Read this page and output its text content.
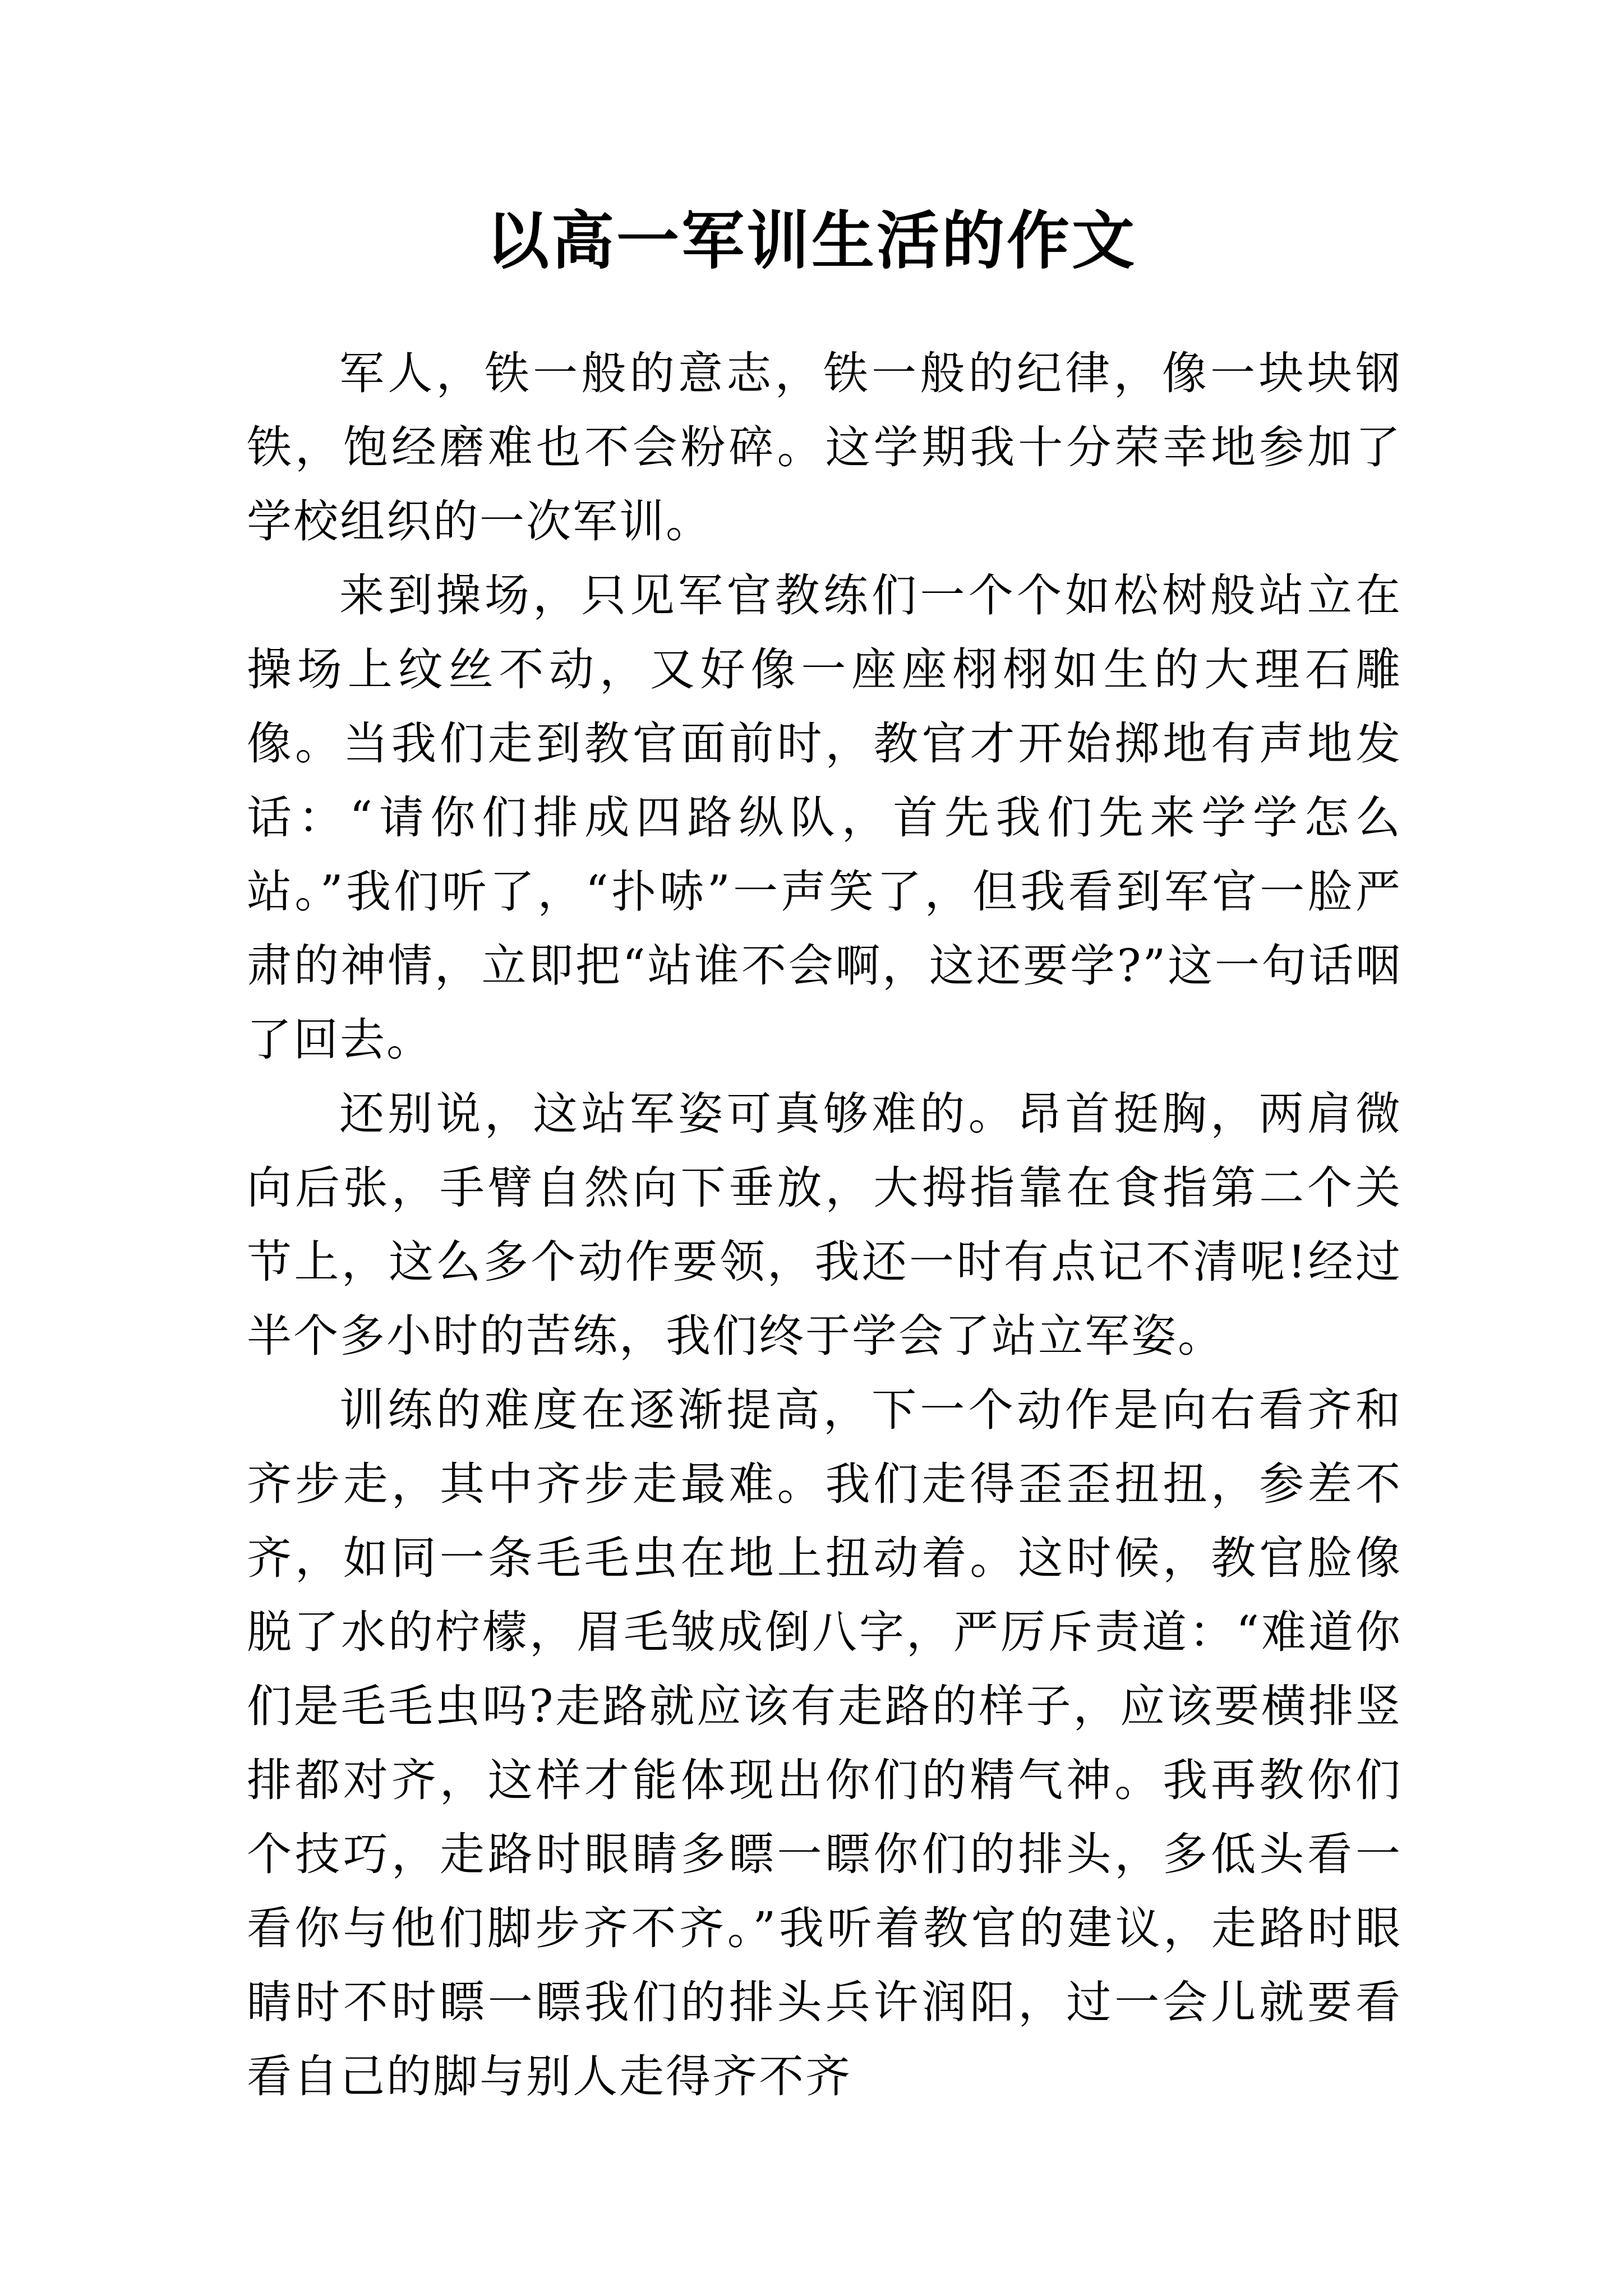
以高一军训生活的作文

军人，铁一般的意志，铁一般的纪律，像一块块钢铁，饱经磨难也不会粉碎。这学期我十分荣幸地参加了学校组织的一次军训。

来到操场，只见军官教练们一个个如松树般站立在操场上纹丝不动，又好像一座座栩栩如生的大理石雕像。当我们走到教官面前时，教官才开始掷地有声地发话：“请你们排成四路纵队，首先我们先来学学怎么站。”我们听了，“扑哧”一声笑了，但我看到军官一脸严肃的神情，立即把“站谁不会啊，这还要学?”这一句话咽了回去。

还别说，这站军姿可真够难的。昂首挺胸，两肩微向后张，手臂自然向下垂放，大拇指靠在食指第二个关节上，这么多个动作要领，我还一时有点记不清呢!经过半个多小时的苦练，我们终于学会了站立军姿。

训练的难度在逐渐提高，下一个动作是向右看齐和齐步走，其中齐步走最难。我们走得歪歪扭扭，参差不齐，如同一条毛毛虫在地上扭动着。这时候，教官脸像脱了水的柠檬，眉毛皱成倒八字，严厉斥责道：“难道你们是毛毛虫吗?走路就应该有走路的样子，应该要横排竖排都对齐，这样才能体现出你们的精气神。我再教你们个技巧，走路时眼睛多瞟一瞟你们的排头，多低头看一看你与他们脚步齐不齐。”我听着教官的建议，走路时眼睛时不时瞟一瞟我们的排头兵许润阳，过一会儿就要看看自己的脚与别人走得齐不齐
